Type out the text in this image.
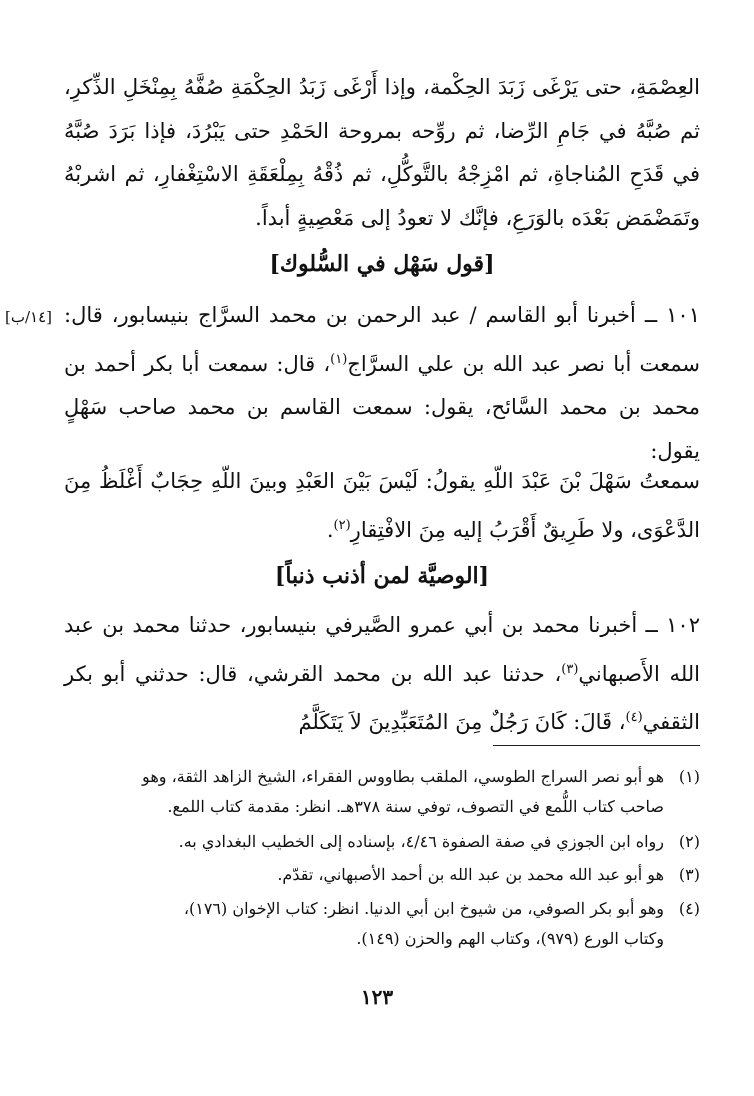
العِصْمَةِ، حتى يَرْغَى زَبَدَ الحِكْمة، وإذا أَرْغَى زَبَدُ الحِكْمَةِ صُفَّهُ بِمِنْخَلِ الذِّكرِ، ثم صُبَّهُ في جَامِ الرِّضا، ثم روِّحه بمروحة الحَمْدِ حتى يَبْرُدَ، فإذا بَرَدَ صُبَّهُ في قَدَحِ المُناجاةِ، ثم امْزِجْهُ بالتَّوكُّلِ، ثم ذُقْهُ بِمِلْعَقَةِ الاسْتِغْفارِ، ثم اشربْهُ وتَمَضْمَض بَعْدَه بالوَرَعِ، فإنَّك لا تعودُ إلى مَعْصِيةٍ أبداً.
[قول سَهْل في السُّلوك]
[١٤/ب] ١٠١ ــ أخبرنا أبو القاسم / عبد الرحمن بن محمد السرَّاج بنيسابور، قال: سمعت أبا نصر عبد الله بن علي السرَّاج$^{(١)}$، قال: سمعت أبا بكر أحمد بن محمد بن محمد السَّائح، يقول: سمعت القاسم بن محمد صاحب سَهْلٍ يقول:
سمعتُ سَهْلَ بْنَ عَبْدَ اللّهِ يقولُ: لَيْسَ بَيْنَ العَبْدِ وبينَ اللّهِ حِجَابٌ أَغْلَظُ مِنَ الدَّعْوَى، ولا طَرِيقٌ أَقْرَبُ إليه مِنَ الافْتِقارِ$^{(٢)}$.
[الوصيَّة لمن أذنب ذنباً]
١٠٢ ــ أخبرنا محمد بن أبي عمرو الصَّيرفي بنيسابور، حدثنا محمد بن عبد الله الأَصبهاني$^{(٣)}$، حدثنا عبد الله بن محمد القرشي، قال: حدثني أبو بكر الثقفي$^{(٤)}$، قَالَ: كَانَ رَجُلٌ مِنَ المُتَعَبِّدِينَ لاَ يَتَكَلَّمُ
(١)هو أبو نصر السراج الطوسي، الملقب بطاووس الفقراء، الشيخ الزاهد الثقة، وهو
صاحب كتاب اللُّمع في التصوف، توفي سنة ٣٧٨هـ. انظر: مقدمة كتاب اللمع.
(٢)رواه ابن الجوزي في صفة الصفوة ٤/٤٦، بإسناده إلى الخطيب البغدادي به.
(٣)هو أبو عبد الله محمد بن عبد الله بن أحمد الأصبهاني، تقدّم.
(٤)وهو أبو بكر الصوفي، من شيوخ ابن أبي الدنيا. انظر: كتاب الإخوان (١٧٦)،
وكتاب الورع (٩٧٩)، وكتاب الهم والحزن (١٤٩).
١٢٣
